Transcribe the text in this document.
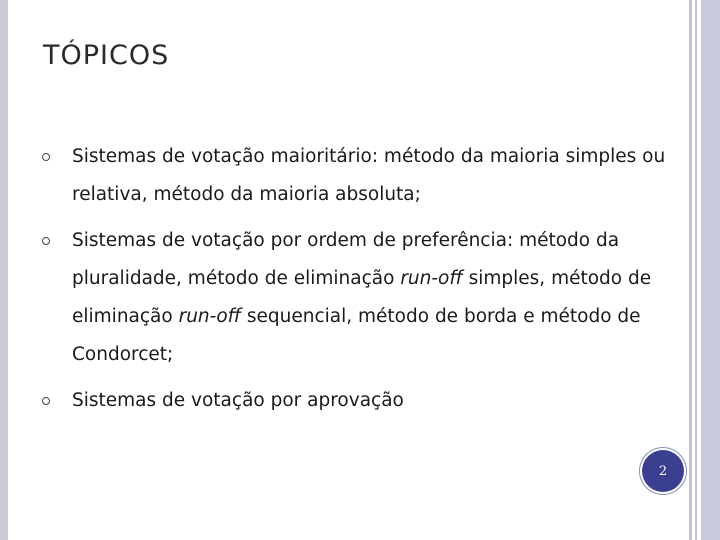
TÓPICOS
Sistemas de votação maioritário: método da maioria simples ou relativa, método da maioria absoluta;
Sistemas de votação por ordem de preferência: método da pluralidade, método de eliminação run-off simples, método de eliminação run-off sequencial, método de borda e método de Condorcet;
Sistemas de votação por aprovação
2
